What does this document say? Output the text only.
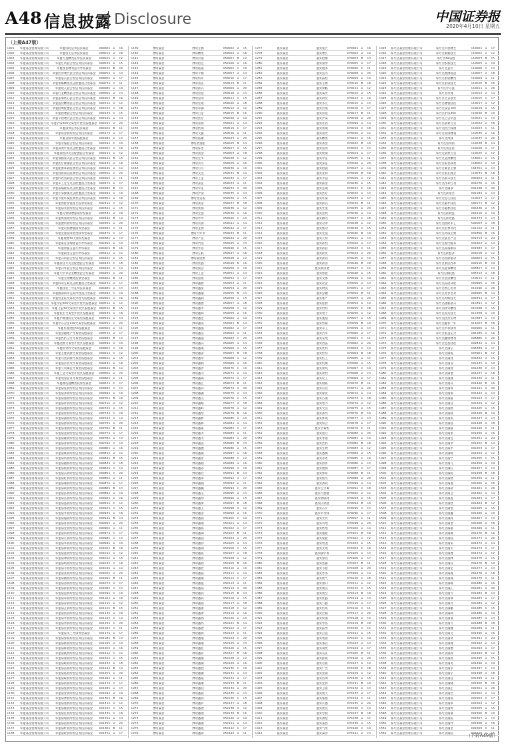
A48 信息披露 Disclosure	中国证券报
2020年4月10日 星期五
（上接A47版）
1001	华夏基金管理有限公司	华夏回报证券投资基金	000001	A	16
1002	华夏基金管理有限公司	华夏成长证券投资基金	000011	A	18
1003	华夏基金管理有限公司	华夏大盘精选证券投资基金	000021	A	12
1004	华夏基金管理有限公司	华夏红利混合型证券投资基金	000031	A	15
1005	华夏基金管理有限公司	华夏现金增利货币市场基金	000041	B	20
1006	华夏基金管理有限公司	华夏优势增长混合型证券投资基金	000051	A	14
1007	华夏基金管理有限公司	华夏复兴混合型证券投资基金	000061	A	17
1008	华夏基金管理有限公司	华夏策略精选灵活配置混合型基金	000071	C	11
1009	华夏基金管理有限公司	华夏收入混合型证券投资基金	000081	A	19
1010	华夏基金管理有限公司	华夏行业精选混合型证券投资基金	000091	A	13
1011	华夏基金管理有限公司	华夏蓝筹核心混合型证券投资基金	000101	B	16
1012	华夏基金管理有限公司	华夏盛世精选混合型证券投资基金	000111	A	12
1013	华夏基金管理有限公司	华夏经典配置混合型证券投资基金	000121	A	18
1014	华夏基金管理有限公司	华夏稳增混合型证券投资基金	000131	C	15
1015	华夏基金管理有限公司	华夏平稳增长混合型证券投资基金	000141	A	14
1016	华夏基金管理有限公司 华夏沪深300交易型开放式指数基金 000151	A	20
1017	华夏基金管理有限公司	华夏债券证券投资基金	000161	B	11
1018	华夏基金管理有限公司	华夏希望债券型证券投资基金	000171	A	17
1019	华夏基金管理有限公司	华夏亚债中国指数基金	000181	A	13
1020	华夏基金管理有限公司	华夏永福混合型证券投资基金	000191	C	19
1021	华夏基金管理有限公司	华夏消费升级灵活配置混合型基金	000201	A	16
1022	华夏基金管理有限公司	华夏新经济灵活配置混合型基金	000211	A	12
1023	华夏基金管理有限公司	华夏睿磐泰兴混合型证券投资基金	000221	B	15
1024	华夏基金管理有限公司	华夏医疗健康混合型证券投资基金	000231	A	18
1025	华夏基金管理有限公司	华夏能源革新股票型证券投资基金	000241	A	14
1026	华夏基金管理有限公司	华夏创新前沿股票型证券投资基金	000251	C	20
1027	华夏基金管理有限公司	华夏科技创新混合型证券投资基金	000261	A	11
1028	华夏基金管理有限公司	华夏军工安全灵活配置混合型基金	000271	A	17
1029	华夏基金管理有限公司	华夏高端制造灵活配置混合型基金	000281	B	13
1030	华夏基金管理有限公司	华夏乐享健康灵活配置混合型基金	000291	A	19
1031	华夏基金管理有限公司	华夏节能环保股票型证券投资基金	000301	A	16
1032	华夏基金管理有限公司	华夏智胜价值成长股票型基金	000311	C	12
1033	华夏基金管理有限公司	华夏鼎茂债券型证券投资基金	000321	A	15
1034	华夏基金管理有限公司	华夏可转债增强债券型基金	000331	A	18
1035	华夏基金管理有限公司	华夏纯债债券型证券投资基金	000341	B	14
1036	华夏基金管理有限公司	华夏聚利债券型证券投资基金	000351	A	20
1037	华夏基金管理有限公司	华夏双债增强债券型基金	000361	A	11
1038	华夏基金管理有限公司	华夏安康信用优选债券型基金	000371	C	17
1039	华夏基金管理有限公司	华夏理财30天债券型基金	000381	A	13
1040	华夏基金管理有限公司	华夏保证金理财货币市场基金	000391	A	19
1041	华夏基金管理有限公司	华夏财富宝货币市场基金	000401	B	16
1042	华夏基金管理有限公司	华夏薪金宝货币市场基金	000411	A	12
1043	华夏基金管理有限公司	华夏兴和混合型证券投资基金	000421	A	15
1044	华夏基金管理有限公司	华夏新活力灵活配置混合型基金	000431	C	18
1045	华夏基金管理有限公司	华夏兴华混合型证券投资基金	000441	A	14
1046	华夏基金管理有限公司	华夏大中华企业精选混合型基金	000451	A	20
1047	华夏基金管理有限公司	华夏全球精选股票型基金	000461	B	11
1048	华夏基金管理有限公司	华夏移动互联灵活配置混合型基金	000471	A	17
1049	华夏基金管理有限公司	华夏回报二号证券投资基金	000481	A	13
1050	华夏基金管理有限公司	华夏磐润两年定期开放混合型基金	000491	C	19
1051	华夏基金管理有限公司	华夏创业板交易型开放式指数基金	000501	A	16
1052	华夏基金管理有限公司 华夏中证500交易型开放式指数基金 000511	A	12
1053	华夏基金管理有限公司	华夏上证50交易型开放式指数基金	000521	B	15
1054	华夏基金管理有限公司	华夏恒生交易型开放式指数基金	000531	A	18
1055	华夏基金管理有限公司	华夏沪港通恒生交易型指数基金	000541	A	14
1056	华夏基金管理有限公司	华夏中小企业100交易型指数基金	000551	C	20
1057	华夏基金管理有限公司	华夏央视财经50指数基金	000561	A	11
1058	华夏基金管理有限公司	华夏金融地产交易型指数基金	000571	A	17
1059	华夏基金管理有限公司	华夏医药卫生交易型指数基金	000581	B	13
1060	华夏基金管理有限公司	华夏能源交易型开放式指数基金	000591	A	19
1061	华夏基金管理有限公司	华夏原材料交易型指数基金	000601	A	16
1062	华夏基金管理有限公司	华夏主要消费交易型指数基金	000611	C	12
1063	华夏基金管理有限公司	华夏可选消费交易型指数基金	000621	A	15
1064	华夏基金管理有限公司	华夏信息技术交易型指数基金	000631	A	18
1065	华夏基金管理有限公司	华夏公用事业交易型指数基金	000641	B	14
1066	华夏基金管理有限公司	华夏工业交易型开放式指数基金	000651	A	20
1067	华夏基金管理有限公司	华夏电信业务交易型指数基金	000661	A	11
1068	华夏基金管理有限公司	华夏港股通精选股票型基金	000671	C	17
1069	华夏基金管理有限公司	华夏鼎泓债券型证券投资基金	000681	A	13
1070	华夏基金管理有限公司	华夏鼎沛债券型证券投资基金	000691	A	19
1071	华夏基金管理有限公司	华夏鼎康债券型证券投资基金	000701	B	16
1072	华夏基金管理有限公司	华夏鼎祥债券型证券投资基金	000711	A	12
1073	华夏基金管理有限公司	华夏鼎通债券型证券投资基金	000721	A	15
1074	华夏基金管理有限公司	华夏鼎智债券型证券投资基金	000731	C	18
1075	华夏基金管理有限公司	华夏鼎越债券型证券投资基金	000741	A	14
1076	华夏基金管理有限公司	华夏鼎源债券型证券投资基金	000751	A	20
1077	华夏基金管理有限公司	华夏鼎清债券型证券投资基金	000761	B	11
1078	华夏基金管理有限公司	华夏鼎诺债券型证券投资基金	000771	A	17
1079	华夏基金管理有限公司	华夏鼎隆债券型证券投资基金	000781	A	13
1080	华夏基金管理有限公司	华夏鼎淳债券型证券投资基金	000791	C	19
1081	华夏基金管理有限公司	华夏鼎信债券型证券投资基金	000801	A	16
1082	华夏基金管理有限公司	华夏鼎顺债券型证券投资基金	000811	A	12
1083	华夏基金管理有限公司	华夏鼎利债券型证券投资基金	000821	B	15
1084	华夏基金管理有限公司	华夏鼎融债券型证券投资基金	000831	A	18
1085	华夏基金管理有限公司	华夏鼎航债券型证券投资基金	000841	A	14
1086	华夏基金管理有限公司	华夏鼎兴债券型证券投资基金	000851	C	20
1087	华夏基金管理有限公司	华夏鼎旺债券型证券投资基金	000861	A	11
1088	华夏基金管理有限公司	华夏鼎瑞债券型证券投资基金	000871	A	17
1089	华夏基金管理有限公司	华夏鼎硕债券型证券投资基金	000881	B	13
1090	华夏基金管理有限公司	华夏鼎宸债券型证券投资基金	000891	A	19
1091	华夏基金管理有限公司	华夏鼎达债券型证券投资基金	000901	A	16
1092	华夏基金管理有限公司	华夏鼎盛债券型证券投资基金	000911	C	12
1093	华夏基金管理有限公司	华夏鼎承债券型证券投资基金	000921	A	15
1094	华夏基金管理有限公司	华夏鼎丰债券型证券投资基金	000931	A	18
1095	华夏基金管理有限公司	华夏鼎福债券型证券投资基金	000941	B	14
1096	华夏基金管理有限公司	华夏鼎泰债券型证券投资基金	000951	A	20
1097	华夏基金管理有限公司	华夏鼎安债券型证券投资基金	000961	A	11
1098	华夏基金管理有限公司	华夏鼎和债券型证券投资基金	000971	C	17
1099	华夏基金管理有限公司	华夏鼎元债券型证券投资基金	000981	A	13
1100	华夏基金管理有限公司	华夏鼎华债券型证券投资基金	000991	A	19
1101	华夏基金管理有限公司	华夏鼎辉债券型证券投资基金	001001	B	16
1102	华夏基金管理有限公司	华夏鼎嘉债券型证券投资基金	001011	A	12
1103	华夏基金管理有限公司	华夏鼎坤债券型证券投资基金	001021	A	15
1104	华夏基金管理有限公司	华夏鼎明债券型证券投资基金	001031	C	18
1105	华夏基金管理有限公司	华夏鼎平债券型证券投资基金	001041	A	14
1106	华夏基金管理有限公司	华夏鼎善债券型证券投资基金	001051	A	20
1107	华夏基金管理有限公司	华夏鼎腾债券型证券投资基金	001061	B	11
1108	华夏基金管理有限公司	华夏鼎望债券型证券投资基金	001071	A	17
1109	华夏基金管理有限公司	华夏鼎新债券型证券投资基金	001081	A	13
1110	华夏基金管理有限公司	华夏鼎益债券型证券投资基金	001091	C	19
1111	华夏基金管理有限公司	华夏鼎卓债券型证券投资基金	001101	A	16
1112	华夏基金管理有限公司	华夏鼎泽债券型证券投资基金	001111	A	12
1113	华夏基金管理有限公司	华夏鼎正债券型证券投资基金	001121	B	15
1114	华夏基金管理有限公司	华夏鼎致债券型证券投资基金	001131	A	18
1115	华夏基金管理有限公司	华夏鼎中债券型证券投资基金	001141	A	14
1116	华夏基金管理有限公司	华夏鼎州债券型证券投资基金	001151	C	20
1117	华夏基金管理有限公司	华夏鼎泉债券型证券投资基金	001161	A	11
1118	华夏基金管理有限公司	华夏鼎茂二号债券型基金	001171	A	17
1119	华夏基金管理有限公司	华夏鼎睿债券型证券投资基金	001181	B	13
1120	华夏基金管理有限公司	华夏鼎熙债券型证券投资基金	001191	A	19
1121	华夏基金管理有限公司	华夏鼎晖债券型证券投资基金	001201	A	16
1122	华夏基金管理有限公司	华夏鼎骏债券型证券投资基金	001211	C	12
1123	华夏基金管理有限公司	华夏鼎锦债券型证券投资基金	001221	A	15
1124	华夏基金管理有限公司	华夏鼎峰债券型证券投资基金	001231	A	18
1125	华夏基金管理有限公司	华夏鼎昌债券型证券投资基金	001241	B	14
1126	华夏基金管理有限公司	华夏鼎裕债券型证券投资基金	001251	A	20
1127	华夏基金管理有限公司	华夏鼎嵘债券型证券投资基金	001261	A	11
1128	华夏基金管理有限公司	华夏鼎尚债券型证券投资基金	001271	C	17
1129	华夏基金管理有限公司	华夏鼎悦债券型证券投资基金	001281	A	13
1130	华夏基金管理有限公司	华夏鼎誉债券型证券投资基金	001291	A	19
1131	华夏基金管理有限公司	华夏鼎博债券型证券投资基金	001301	B	16
1132	华夏基金管理有限公司	华夏鼎璟债券型证券投资基金	001311	A	12
1133	华夏基金管理有限公司	华夏鼎臻债券型证券投资基金	001321	A	15
1134	华夏基金管理有限公司	华夏鼎钰债券型证券投资基金	001331	C	18
1135	华夏基金管理有限公司	华夏鼎翔债券型证券投资基金	001341	A	14
1136	华夏基金管理有限公司	华夏鼎铭债券型证券投资基金	001351	A	20
1137	华夏基金管理有限公司	华夏鼎轩债券型证券投资基金	001361	B	11
1138	华夏基金管理有限公司	华夏鼎乾债券型证券投资基金	001371	A	17
1139	博时基金	博时主题	050002	A	15
1140	博时基金	博时精选	050004	A	18
1141	博时基金	博时价值	050001	B	12
1142	博时基金	博时稳定	050106	A	16
1143	博时基金	博时裕富	050002	C	19
1144	博时基金	博时平衡	050007	A	14
1145	博时基金	博时特许	050010	A	17
1146	博时基金	博时创业	050014	B	11
1147	博时基金	博时新兴	050009	A	20
1148	博时基金	博时回报	050018	A	13
1149	博时基金	博时信用	050011	C	15
1150	博时基金	博时宏观	050020	A	18
1151	博时基金	博时卓越	050012	A	12
1152	博时基金	博时行业	050015	B	16
1153	博时基金	博时医疗	050026	A	19
1154	博时基金	博时消费	050021	A	14
1155	博时基金	博时转债	050019	C	17
1156	博时基金	博时天颐	050016	A	11
1157	博时基金	博时裕隆	050023	A	20
1158	博时基金	博时抗通胀	050025	B	13
1159	博时基金	博时标普	050027	A	15
1160	博时基金	博时现金	050003	A	18
1161	博时基金	博时安丰	050028	C	12
1162	博时基金	博时双月	050029	A	16
1163	博时基金	博时月月	050030	A	19
1164	博时基金	博时灵活	050031	B	14
1165	博时基金	博时上证	050032	A	17
1166	博时基金	博时深证	050033	A	11
1167	博时基金	博时中证	050034	C	20
1168	博时基金	博时沪深	050035	A	13
1169	博时基金	博时创业板	050036	A	15
1170	博时基金	博时黄金	050037	B	18
1171	博时基金	博时纯债	050038	A	12
1172	博时基金	博时安盈	050039	A	16
1173	博时基金	博时岁岁	050040	C	19
1174	博时基金	博时双债	050041	A	14
1175	博时基金	博时亚洲	050042	A	17
1176	博时基金	博时大中华	050043	B	11
1177	博时基金	博时产业	050044	A	20
1178	博时基金	博时内需	050045	A	13
1179	博时基金	博时外延	050046	C	15
1180	博时基金	博时互联	050047	A	18
1181	博时基金	博时新能源	050048	A	12
1182	博时基金	博时丝路	050049	B	16
1183	博时基金	博时国企	050050	A	19
1184	博时基金	博时工业	050051	A	14
1185	博时基金	博时银智	050052	C	17
1186	博时基金	博时鑫源	050053	A	11
1187	博时基金	博时鑫泰	050054	A	20
1188	博时基金	博时鑫瑞	050055	B	13
1189	博时基金	博时鑫润	050056	A	15
1190	博时基金	博时鑫惠	050057	A	18
1191	博时基金	博时鑫丰	050058	C	12
1192	博时基金	博时鑫和	050059	A	16
1193	博时基金	博时鑫安	050060	A	19
1194	博时基金	博时鑫荣	050061	B	14
1195	博时基金	博时鑫康	050062	A	17
1196	博时基金	博时鑫达	050063	A	11
1197	博时基金	博时鑫盛	050064	C	20
1198	博时基金	博时鑫兴	050065	A	13
1199	博时基金	博时鑫诚	050066	A	15
1200	博时基金	博时鑫泽	050067	B	18
1201	博时基金	博时鑫华	050068	A	12
1202	博时基金	博时鑫明	050069	A	16
1203	博时基金	博时鑫洋	050070	C	19
1204	博时基金	博时鑫川	050071	A	14
1205	博时基金	博时鑫海	050072	A	17
1206	博时基金	博时鑫江	050073	B	11
1207	博时基金	博时鑫河	050074	A	20
1208	博时基金	博时鑫湖	050075	A	13
1209	博时基金	博时鑫山	050076	C	15
1210	博时基金	博时鑫峰	050077	A	18
1211	博时基金	博时鑫岭	050078	A	12
1212	博时基金	博时鑫原	050079	B	16
1213	博时基金	博时鑫野	050080	A	19
1214	博时基金	博时鑫林	050081	A	14
1215	博时基金	博时鑫森	050082	C	17
1216	博时基金	博时鑫木	050083	A	11
1217	博时基金	博时鑫禾	050084	A	20
1218	博时基金	博时鑫苗	050085	B	13
1219	博时基金	博时鑫穗	050086	A	15
1220	博时基金	博时鑫粟	050087	A	18
1221	博时基金	博时鑫麦	050088	C	12
1222	博时基金	博时鑫稻	050089	A	16
1223	博时基金	博时鑫谷	050090	A	19
1224	博时基金	博时鑫仓	050091	B	14
1225	博时基金	博时鑫库	050092	A	17
1226	博时基金	博时鑫储	050093	A	11
1227	博时基金	博时鑫藏	050094	C	20
1228	博时基金	博时鑫宝	050095	A	13
1229	博时基金	博时鑫珍	050096	A	15
1230	博时基金	博时鑫珠	050097	B	18
1231	博时基金	博时鑫玉	050098	A	12
1232	博时基金	博时鑫金	050099	A	16
1233	博时基金	博时鑫银	050100	C	19
1234	博时基金	博时鑫铜	050101	A	14
1235	博时基金	博时鑫铁	050102	A	17
1236	博时基金	博时鑫锡	050103	B	11
1237	博时基金	博时鑫铝	050104	A	20
1238	博时基金	博时鑫锌	050105	A	13
1239	博时基金	博时鑫钢	050106	C	15
1240	博时基金	博时鑫钛	050107	A	18
1241	博时基金	博时鑫镁	050108	A	12
1242	博时基金	博时鑫铂	050109	B	16
1243	博时基金	博时鑫钯	050110	A	19
1244	博时基金	博时鑫钴	050111	A	14
1245	博时基金	博时鑫镍	050112	C	17
1246	博时基金	博时鑫锰	050113	A	11
1247	博时基金	博时鑫铬	050114	A	20
1248	博时基金	博时鑫钒	050115	B	13
1249	博时基金	博时鑫钨	050116	A	15
1250	博时基金	博时鑫钼	050117	A	18
1251	博时基金	博时鑫锂	050118	C	12
1252	博时基金	博时鑫钾	050119	A	16
1253	博时基金	博时鑫钠	050120	A	19
1254	博时基金	博时鑫钙	050121	B	14
1255	博时基金	博时鑫锶	050122	A	17
1256	博时基金	博时鑫钡	050123	A	11
1257	博时基金	博时鑫镭	050124	C	20
1258	博时基金	博时鑫铀	050125	A	13
1259	博时基金	博时鑫钍	050126	A	15
1260	博时基金	博时鑫钚	050127	B	18
1261	博时基金	博时鑫镅	050128	A	12
1262	博时基金	博时鑫锔	050129	A	16
1263	博时基金	博时鑫锫	050130	C	19
1264	博时基金	博时鑫锎	050131	A	14
1265	博时基金	博时鑫锿	050132	A	17
1266	博时基金	博时鑫镄	050133	B	11
1267	博时基金	博时鑫钔	050134	A	20
1268	博时基金	博时鑫锘	050135	A	13
1269	博时基金	博时鑫铹	050136	C	15
1270	博时基金	博时鑫𬬻	050137	A	18
1271	博时基金	博时鑫𬭊	050138	A	12
1272	博时基金	博时鑫𬭳	050139	B	16
1273	博时基金	博时鑫𬭛	050140	A	19
1274	博时基金	博时鑫𬭶	050141	A	14
1275	博时基金	博时鑫鿏	050142	C	17
1276	博时基金	博时鑫𫟼	050143	A	11
1277	嘉实基金	嘉实成长	070001	A	16
1278	嘉实基金	嘉实增长	070002	A	19
1279	嘉实基金	嘉实稳健	070003	B	13
1280	嘉实基金	嘉实债券	070005	A	17
1281	嘉实基金	嘉实服务	070006	C	11
1282	嘉实基金	嘉实货币	070008	A	20
1283	嘉实基金	嘉实超短	070009	A	14
1284	嘉实基金	嘉实主题	070010	B	18
1285	嘉实基金	嘉实策略	070011	A	12
1286	嘉实基金	嘉实海外	070012	A	15
1287	嘉实基金	嘉实研究	070013	C	19
1288	嘉实基金	嘉实多元	070015	A	13
1289	嘉实基金	嘉实价值	070016	A	17
1290	嘉实基金	嘉实回报	070017	B	11
1291	嘉实基金	嘉实沪深	070018	A	20
1292	嘉实基金	嘉实优质	070099	A	14
1293	嘉实基金	嘉实周期	070019	C	18
1294	嘉实基金	嘉实领先	070020	A	12
1295	嘉实基金	嘉实精选	070021	A	15
1296	嘉实基金	嘉实黄金	070022	B	19
1297	嘉实基金	嘉实信用	070023	A	13
1298	嘉实基金	嘉实纯债	070024	A	17
1299	嘉实基金	嘉实中证	070025	C	11
1300	嘉实基金	嘉实深证	070026	A	20
1301	嘉实基金	嘉实稳固	070027	A	14
1302	嘉实基金	嘉实泰和	070028	B	18
1303	嘉实基金	嘉实丰益	070029	A	12
1304	嘉实基金	嘉实薪金	070030	A	15
1305	嘉实基金	嘉实活期	070031	C	19
1306	嘉实基金	嘉实医疗	070032	A	13
1307	嘉实基金	嘉实环保	070033	A	17
1308	嘉实基金	嘉实新兴	070034	B	11
1309	嘉实基金	嘉实先进	070035	A	20
1310	嘉实基金	嘉实逆向	070036	A	14
1311	嘉实基金	嘉实腾讯	070037	C	18
1312	嘉实基金	嘉实对冲	070038	A	12
1313	嘉实基金	嘉实绝对	070039	A	15
1314	嘉实基金	嘉实安益	070040	B	19
1315	嘉实基金	嘉实元和	070041	A	13
1316	嘉实基金	嘉实新机	070042	A	17
1317	嘉实基金	嘉实新起	070043	C	11
1318	嘉实基金	嘉实新优	070044	A	20
1319	嘉实基金	嘉实新趋	070045	A	14
1320	嘉实基金	嘉实新思	070046	B	18
1321	嘉实基金	嘉实新消费	070047	A	12
1322	嘉实基金	嘉实智能	070048	A	15
1323	嘉实基金	嘉实文体	070049	C	19
1324	嘉实基金	嘉实农业	070050	A	13
1325	嘉实基金	嘉实物流	070051	A	17
1326	嘉实基金	嘉实金融	070052	B	11
1327	嘉实基金	嘉实地产	070053	A	20
1328	嘉实基金	嘉实能源	070054	A	14
1329	嘉实基金	嘉实材料	070055	C	18
1330	嘉实基金	嘉实电子	070056	A	12
1331	嘉实基金	嘉实通信	070057	A	15
1332	嘉实基金	嘉实传媒	070058	B	19
1333	嘉实基金	嘉实军工	070059	A	13
1334	嘉实基金	嘉实汽车	070060	A	17
1335	嘉实基金	嘉实家电	070061	C	11
1336	嘉实基金	嘉实食品	070062	A	20
1337	嘉实基金	嘉实饮料	070063	A	14
1338	嘉实基金	嘉实纺织	070064	B	18
1339	嘉实基金	嘉实轻工	070065	A	12
1340	嘉实基金	嘉实机械	070066	A	15
1341	嘉实基金	嘉实建筑	070067	C	19
1342	嘉实基金	嘉实建材	070068	A	13
1343	嘉实基金	嘉实化工	070069	A	17
1344	嘉实基金	嘉实钢铁	070070	B	11
1345	嘉实基金	嘉实有色	070071	A	20
1346	嘉实基金	嘉实煤炭	070072	A	14
1347	嘉实基金	嘉实石油	070073	C	18
1348	嘉实基金	嘉实电力	070074	A	12
1349	嘉实基金	嘉实交运	070075	A	15
1350	嘉实基金	嘉实商贸	070076	B	19
1351	嘉实基金	嘉实休闲	070077	A	13
1352	嘉实基金	嘉实综合	070078	A	17
1353	嘉实基金	嘉实计算机	070079	C	11
1354	嘉实基金	嘉实银行	070080	A	20
1355	嘉实基金	嘉实非银	070081	A	14
1356	嘉实基金	嘉实医药	070082	B	18
1357	嘉实基金	嘉实生物	070083	A	12
1358	嘉实基金	嘉实器械	070084	A	15
1359	嘉实基金	嘉实养老	070085	C	19
1360	嘉实基金	嘉实教育	070086	A	13
1361	嘉实基金	嘉实旅游	070087	A	17
1362	嘉实基金	嘉实体育	070088	B	11
1363	嘉实基金	嘉实娱乐	070089	A	20
1364	嘉实基金	嘉实游戏	070090	A	14
1365	嘉实基金	嘉实云计算	070091	C	18
1366	嘉实基金	嘉实大数据	070092	A	12
1367	嘉实基金	嘉实物联网	070093	A	15
1368	嘉实基金	嘉实区块链	070094	B	19
1369	嘉实基金	嘉实芯片	070095	A	13
1370	嘉实基金	嘉实半导体	070096	A	17
1371	嘉实基金	嘉实光伏	070097	C	11
1372	嘉实基金	嘉实风电	070098	A	20
1373	嘉实基金	嘉实核电	070100	A	14
1374	嘉实基金	嘉实储能	070101	B	18
1375	嘉实基金	嘉实氢能	070102	A	12
1376	嘉实基金	嘉实电池	070103	A	15
1377	嘉实基金	嘉实充电	070104	C	19
1378	嘉实基金	嘉实碳中和	070105	A	13
1379	嘉实基金	嘉实绿色	070106	A	17
1380	嘉实基金	嘉实低碳	070107	B	11
1381	嘉实基金	嘉实节能	070108	A	20
1382	嘉实基金	嘉实水务	070109	A	14
1383	嘉实基金	嘉实燃气	070110	C	18
1384	嘉实基金	嘉实港口	070111	A	12
1385	嘉实基金	嘉实航运	070112	A	15
1386	嘉实基金	嘉实航空	070113	B	19
1387	嘉实基金	嘉实铁路	070114	A	13
1388	嘉实基金	嘉实公路	070115	A	17
1389	嘉实基金	嘉实机场	070116	C	11
1390	嘉实基金	嘉实仓储	070117	A	20
1391	嘉实基金	嘉实快递	070118	A	14
1392	嘉实基金	嘉实零售	070119	B	18
1393	嘉实基金	嘉实超市	070120	A	12
1394	嘉实基金	嘉实百货	070121	A	15
1395	嘉实基金	嘉实电商	070122	C	19
1396	嘉实基金	嘉实酒店	070123	A	13
1397	嘉实基金	嘉实餐饮	070124	A	17
1398	嘉实基金	嘉实景区	070125	B	11
1399	嘉实基金	嘉实影视	070126	A	20
1400	嘉实基金	嘉实出版	070127	A	14
1401	嘉实基金	嘉实广告	070128	C	18
1402	嘉实基金	嘉实营销	070129	A	12
1403	嘉实基金	嘉实咨询	070130	A	15
1404	嘉实基金	嘉实安防	070131	B	19
1405	嘉实基金	嘉实卫星	070132	A	13
1406	嘉实基金	嘉实航天	070133	A	17
1407	嘉实基金	嘉实船舶	070134	C	11
1408	嘉实基金	嘉实兵器	070135	A	20
1409	嘉实基金	嘉实雷达	070136	A	14
1410	嘉实基金	嘉实导航	070137	B	18
1411	嘉实基金	嘉实测绘	070138	A	12
1412	嘉实基金	嘉实遥感	070139	A	15
1413	嘉实基金	嘉实气象	070140	C	19
1414	嘉实基金	嘉实海洋	070141	A	13
1415	易方达基金管理有限公司	易方达平稳增长	110001	A	17
1416	易方达基金管理有限公司	易方达策略成长	110002	A	12
1417	易方达基金管理有限公司	易方达50指数	110003	B	15
1418	易方达基金管理有限公司	易方达积极成长	110005	A	19
1419	易方达基金管理有限公司	易方达货币	110006	C	13
1420	易方达基金管理有限公司	易方达稳健收益	110007	A	18
1421	易方达基金管理有限公司	易方达价值精选	110009	A	11
1422	易方达基金管理有限公司	易方达价值成长	110010	B	16
1423	易方达基金管理有限公司	易方达中小盘	110011	A	20
1424	易方达基金管理有限公司	易方达科翔	110013	A	14
1425	易方达基金管理有限公司	易方达行业领先	110015	C	17
1426	易方达基金管理有限公司	易方达增强回报	110017	A	12
1427	易方达基金管理有限公司	易方达深证100	110019	A	15
1428	易方达基金管理有限公司	易方达沪深300	110020	B	19
1429	易方达基金管理有限公司	易方达上证中盘	110021	A	13
1430	易方达基金管理有限公司	易方达消费行业	110022	A	18
1431	易方达基金管理有限公司	易方达医疗保健	110023	C	11
1432	易方达基金管理有限公司	易方达双债增强	110035	A	16
1433	易方达基金管理有限公司	易方达纯债	110037	A	20
1434	易方达基金管理有限公司	易方达信用债	110038	B	14
1435	易方达基金管理有限公司	易方达创业板	110026	A	17
1436	易方达基金管理有限公司	易方达资源行业	110025	A	12
1437	易方达基金管理有限公司	易方达亚洲精选	118001	C	15
1438	易方达基金管理有限公司	易方达标普消费	118002	A	19
1439	易方达基金管理有限公司	易方达黄金主题	164701	A	13
1440	易方达基金管理有限公司	易方达恒生国企	110031	B	18
1441	易方达基金管理有限公司	易方达新兴成长	000404	A	11
1442	易方达基金管理有限公司	易方达改革红利	001076	A	16
1443	易方达基金管理有限公司	易方达瑞享	001438	C	20
1444	易方达基金管理有限公司	易方达新常态	001184	A	14
1445	易方达基金管理有限公司	易方达安心回报	110027	A	17
1446	易方达基金管理有限公司	易方达裕丰回报	000171	B	12
1447	易方达基金管理有限公司	易方达裕惠回报	000436	A	15
1448	易方达基金管理有限公司	易方达新收益	001216	A	19
1449	易方达基金管理有限公司	易方达新丝路	001373	C	13
1450	易方达基金管理有限公司	易方达国防军工	502003	A	18
1451	易方达基金管理有限公司	易方达生物科技	161122	A	11
1452	易方达基金管理有限公司	易方达环保主题	001856	B	16
1453	易方达基金管理有限公司	易方达信息产业	001513	A	20
1454	易方达基金管理有限公司	易方达现代服务	001603	A	14
1455	易方达基金管理有限公司	易方达高端制造	001583	C	17
1456	易方达基金管理有限公司	易方达新经济	001018	A	12
1457	易方达基金管理有限公司	易方达创新驱动	000603	A	15
1458	易方达基金管理有限公司	易方达供给改革	002910	B	19
1459	易方达基金管理有限公司	易方达蓝筹精选	005827	A	13
1460	易方达基金管理有限公司	易方达港股通	005312	A	18
1461	易方达基金管理有限公司	易方达优质精选	110011	C	11
1462	易方达基金管理有限公司	易方达品质动能	009965	A	16
1463	易方达基金管理有限公司	易方达核心优势	010196	A	20
1464	易方达基金管理有限公司	易方达竞争优势	009265	B	14
1465	易方达基金管理有限公司	易方达均衡成长	009341	A	17
1466	易方达基金管理有限公司	易方达战略新兴	010391	A	12
1467	易方达基金管理有限公司	易方达研究精选	010198	C	15
1468	易方达基金管理有限公司	易方达远见成长	011258	A	19
1469	易方达基金管理有限公司	易方达医药生物	010387	A	13
1470	易方达基金管理有限公司	易方达磐泰一年	011003	B	18
1471	易方达基金管理有限公司	易方达丰和债券	002969	A	11
1472	易方达基金管理有限公司	易方达恒益定开	004185	A	16
1473	易方达基金管理有限公司	易方达鑫转增利	005880	C	20
1474	易方达基金管理有限公司	易方达安盈回报	002832	A	14
1475	易方达基金管理有限公司	易方达瑞弘	006389	A	17
1476	易方达基金管理有限公司	易方达瑞程	003961	B	12
1477	易方达基金管理有限公司	易方达瑞选	001832	A	15
1478	易方达基金管理有限公司	易方达瑞景	001433	A	19
1479	易方达基金管理有限公司	易方达瑞财	001436	C	13
1480	易方达基金管理有限公司	易方达瑞智	001437	A	18
1481	易方达基金管理有限公司	易方达瑞通	001439	A	11
1482	易方达基金管理有限公司	易方达瑞兴	001440	B	16
1483	易方达基金管理有限公司	易方达瑞和	001441	A	20
1484	易方达基金管理有限公司	易方达瑞祺	001442	A	14
1485	易方达基金管理有限公司	易方达瑞富	001443	C	17
1486	易方达基金管理有限公司	易方达瑞达	001444	A	12
1487	易方达基金管理有限公司	易方达瑞源	001445	A	15
1488	易方达基金管理有限公司	易方达瑞锦	001446	B	19
1489	易方达基金管理有限公司	易方达瑞恒	001447	A	13
1490	易方达基金管理有限公司	易方达瑞信	001448	A	18
1491	易方达基金管理有限公司	易方达瑞康	001449	C	11
1492	易方达基金管理有限公司	易方达瑞泰	001450	A	16
1493	易方达基金管理有限公司	易方达瑞安	001451	A	20
1494	易方达基金管理有限公司	易方达瑞华	001452	B	14
1495	易方达基金管理有限公司	易方达瑞丰	001453	A	17
1496	易方达基金管理有限公司	易方达瑞明	001454	A	12
1497	易方达基金管理有限公司	易方达瑞宁	001455	C	15
1498	易方达基金管理有限公司	易方达瑞元	001456	A	19
1499	易方达基金管理有限公司	易方达瑞庆	001457	A	13
1500	易方达基金管理有限公司	易方达瑞阳	001458	B	18
1501	易方达基金管理有限公司	易方达瑞德	001459	A	11
1502	易方达基金管理有限公司	易方达瑞嘉	001460	A	16
1503	易方达基金管理有限公司	易方达瑞新	001461	C	20
1504	易方达基金管理有限公司	易方达瑞合	001462	A	14
1505	易方达基金管理有限公司	易方达瑞盈	001463	A	17
1506	易方达基金管理有限公司	易方达瑞欣	001464	B	12
1507	易方达基金管理有限公司	易方达瑞悦	001465	A	15
1508	易方达基金管理有限公司	易方达瑞鑫	001466	A	19
1509	易方达基金管理有限公司	易方达瑞尚	001467	C	13
1510	易方达基金管理有限公司	易方达瑞君	001468	A	18
1511	易方达基金管理有限公司	易方达瑞裕	001469	A	11
1512	易方达基金管理有限公司	易方达瑞顺	001470	B	16
1513	易方达基金管理有限公司	易方达瑞成	001471	A	20
1514	易方达基金管理有限公司	易方达瑞荣	001472	A	14
1515	易方达基金管理有限公司	易方达瑞禾	001473	C	17
1516	易方达基金管理有限公司	易方达瑞晟	001474	A	12
1517	易方达基金管理有限公司	易方达瑞博	001475	A	15
1518	易方达基金管理有限公司	易方达瑞远	001476	B	19
1519	易方达基金管理有限公司	易方达瑞宏	001477	A	13
1520	易方达基金管理有限公司	易方达瑞晨	001478	A	18
1521	易方达基金管理有限公司	易方达瑞诚	001479	C	11
1522	易方达基金管理有限公司	易方达瑞峰	001480	A	16
1523	易方达基金管理有限公司	易方达瑞汇	001481	A	20
1524	易方达基金管理有限公司	易方达瑞力	001482	B	14
1525	易方达基金管理有限公司	易方达瑞林	001483	A	17
1526	易方达基金管理有限公司	易方达瑞茂	001484	A	12
1527	易方达基金管理有限公司	易方达瑞鹏	001485	C	15
1528	易方达基金管理有限公司	易方达瑞琪	001486	A	19
1529	易方达基金管理有限公司	易方达瑞睿	001487	A	13
1530	易方达基金管理有限公司	易方达瑞升	001488	B	18
1531	易方达基金管理有限公司	易方达瑞腾	001489	A	11
1532	易方达基金管理有限公司	易方达瑞文	001490	A	16
1533	易方达基金管理有限公司	易方达瑞贤	001491	C	20
1534	易方达基金管理有限公司	易方达瑞翔	001492	A	14
1535	易方达基金管理有限公司	易方达瑞雅	001493	A	17
1536	易方达基金管理有限公司	易方达瑞扬	001494	B	12
1537	易方达基金管理有限公司	易方达瑞毅	001495	A	15
1538	易方达基金管理有限公司	易方达瑞英	001496	A	19
1539	易方达基金管理有限公司	易方达瑞永	001497	C	13
1540	易方达基金管理有限公司	易方达瑞宇	001498	A	18
1541	易方达基金管理有限公司	易方达瑞钰	001499	A	11
1542	易方达基金管理有限公司	易方达瑞臻	001500	B	16
1543	易方达基金管理有限公司	易方达瑞正	001501	A	20
1544	易方达基金管理有限公司	易方达瑞志	001502	A	14
1545	易方达基金管理有限公司	易方达瑞致	001503	C	17
1546	易方达基金管理有限公司	易方达瑞卓	001504	A	12
1547	易方达基金管理有限公司	易方达瑞梓	001505	A	15
1548	易方达基金管理有限公司	易方达瑞尊	001506	B	19
1549	易方达基金管理有限公司	易方达瑞佐	001507	A	13
1550	易方达基金管理有限公司	易方达瑞作	001508	A	18
1551	易方达基金管理有限公司	易方达瑞坐	001509	C	11
1552	易方达基金管理有限公司	易方达瑞座	001510	A	16
（下转A49版）
